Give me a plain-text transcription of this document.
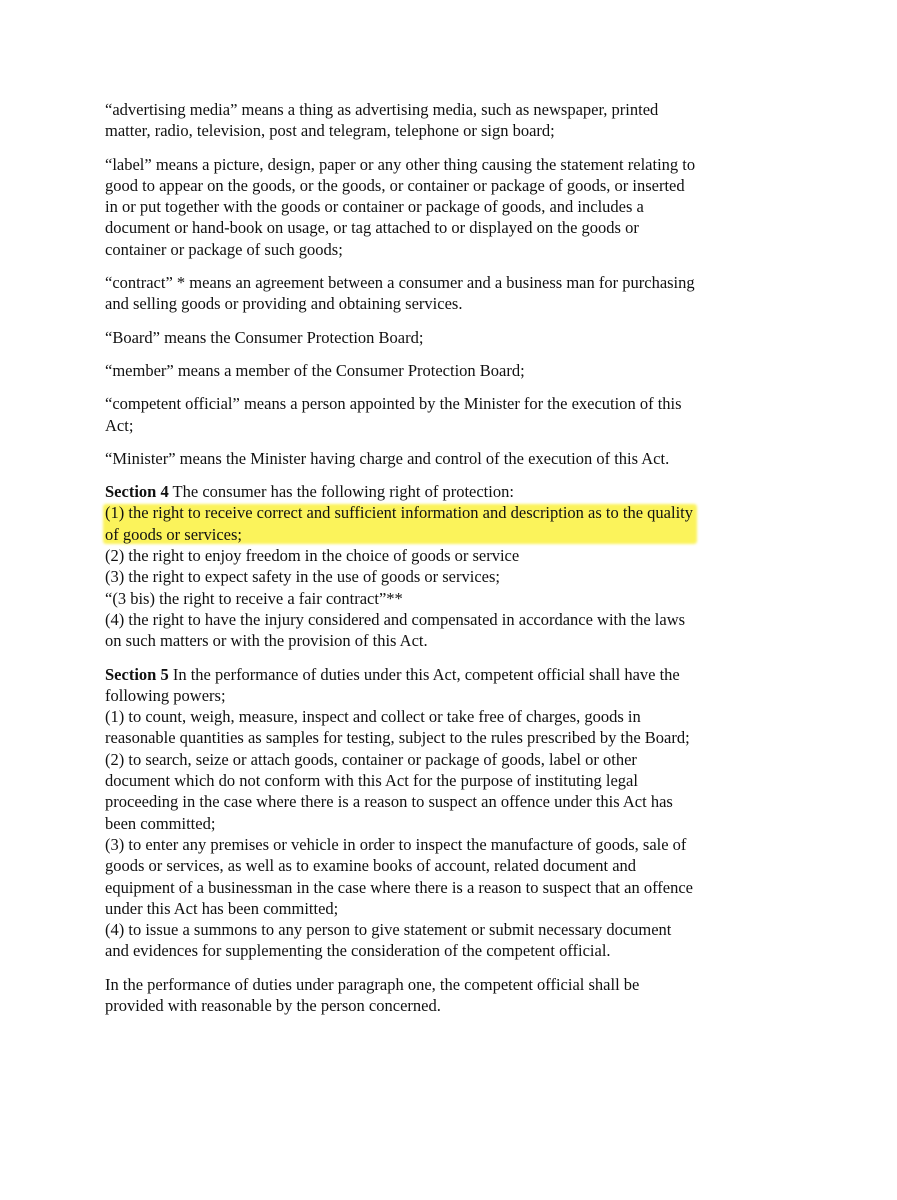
“advertising media” means a thing as advertising media, such as newspaper, printed
matter, radio, television, post and telegram, telephone or sign board;
“label” means a picture, design, paper or any other thing causing the statement relating to
good to appear on the goods, or the goods, or container or package of goods, or inserted
in or put together with the goods or container or package of goods, and includes a
document or hand-book on usage, or tag attached to or displayed on the goods or
container or package of such goods;
“contract” * means an agreement between a consumer and a business man for purchasing
and selling goods or providing and obtaining services.
“Board” means the Consumer Protection Board;
“member” means a member of the Consumer Protection Board;
“competent official” means a person appointed by the Minister for the execution of this
Act;
“Minister” means the Minister having charge and control of the execution of this Act.
Section 4 The consumer has the following right of protection:
(1) the right to receive correct and sufficient information and description as to the quality
of goods or services;
(2) the right to enjoy freedom in the choice of goods or service
(3) the right to expect safety in the use of goods or services;
“(3 bis) the right to receive a fair contract”**
(4) the right to have the injury considered and compensated in accordance with the laws
on such matters or with the provision of this Act.
Section 5 In the performance of duties under this Act, competent official shall have the
following powers;
(1) to count, weigh, measure, inspect and collect or take free of charges, goods in
reasonable quantities as samples for testing, subject to the rules prescribed by the Board;
(2) to search, seize or attach goods, container or package of goods, label or other
document which do not conform with this Act for the purpose of instituting legal
proceeding in the case where there is a reason to suspect an offence under this Act has
been committed;
(3) to enter any premises or vehicle in order to inspect the manufacture of goods, sale of
goods or services, as well as to examine books of account, related document and
equipment of a businessman in the case where there is a reason to suspect that an offence
under this Act has been committed;
(4) to issue a summons to any person to give statement or submit necessary document
and evidences for supplementing the consideration of the competent official.
In the performance of duties under paragraph one, the competent official shall be
provided with reasonable by the person concerned.
